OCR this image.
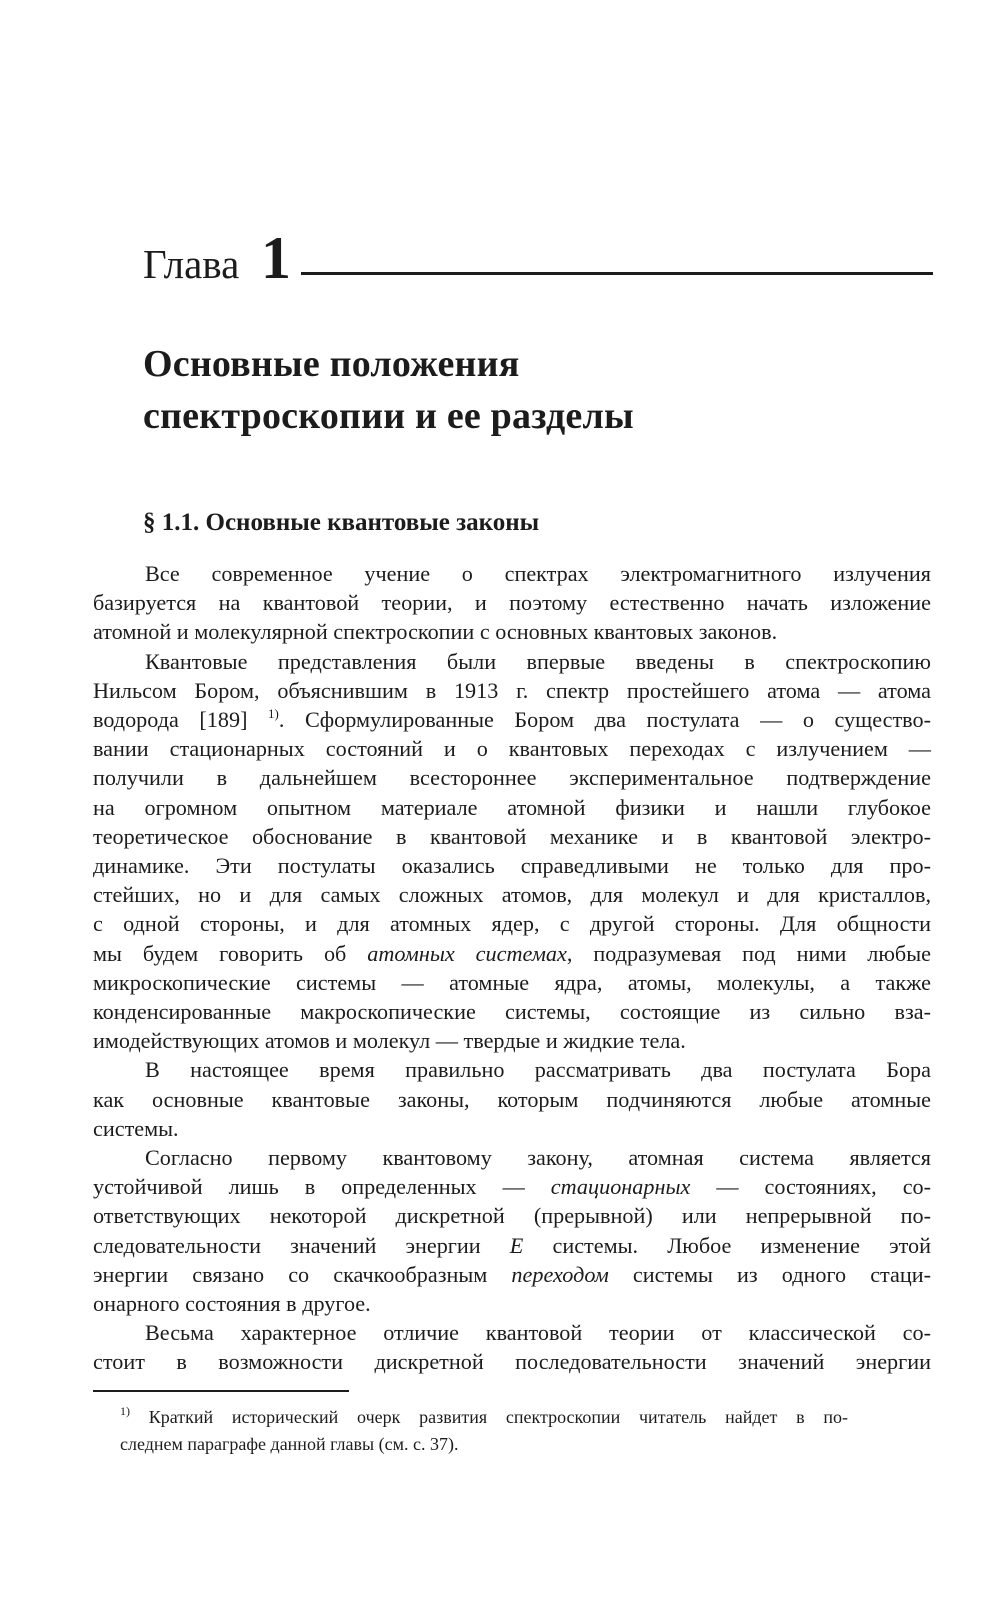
Глава 1
Основные положения
спектроскопии и ее разделы
§ 1.1. Основные квантовые законы

Все современное учение о спектрах электромагнитного излучения
базируется на квантовой теории, и поэтому естественно начать изложение
атомной и молекулярной спектроскопии с основных квантовых законов.

Квантовые представления были впервые введены в спектроскопию
Нильсом Бором, объяснившим в 1913 г. спектр простейшего атома — атома
водорода [189] $^{1)}$. Сформулированные Бором два постулата — о существо-
вании стационарных состояний и о квантовых переходах с излучением —
получили в дальнейшем всестороннее экспериментальное подтверждение
на огромном опытном материале атомной физики и нашли глубокое
теоретическое обоснование в квантовой механике и в квантовой электро-
динамике. Эти постулаты оказались справедливыми не только для про-
стейших, но и для самых сложных атомов, для молекул и для кристаллов,
с одной стороны, и для атомных ядер, с другой стороны. Для общности
мы будем говорить об атомных системах, подразумевая под ними любые
микроскопические системы — атомные ядра, атомы, молекулы, а также
конденсированные макроскопические системы, состоящие из сильно вза-
имодействующих атомов и молекул — твердые и жидкие тела.

В настоящее время правильно рассматривать два постулата Бора
как основные квантовые законы, которым подчиняются любые атомные
системы.

Согласно первому квантовому закону, атомная система является
устойчивой лишь в определенных — стационарных — состояниях, со-
ответствующих некоторой дискретной (прерывной) или непрерывной по-
следовательности значений энергии E системы. Любое изменение этой
энергии связано со скачкообразным переходом системы из одного стаци-
онарного состояния в другое.

Весьма характерное отличие квантовой теории от классической со-
стоит в возможности дискретной последовательности значений энергии

$^{1)}$ Краткий исторический очерк развития спектроскопии читатель найдет в по-
следнем параграфе данной главы (см. с. 37).
